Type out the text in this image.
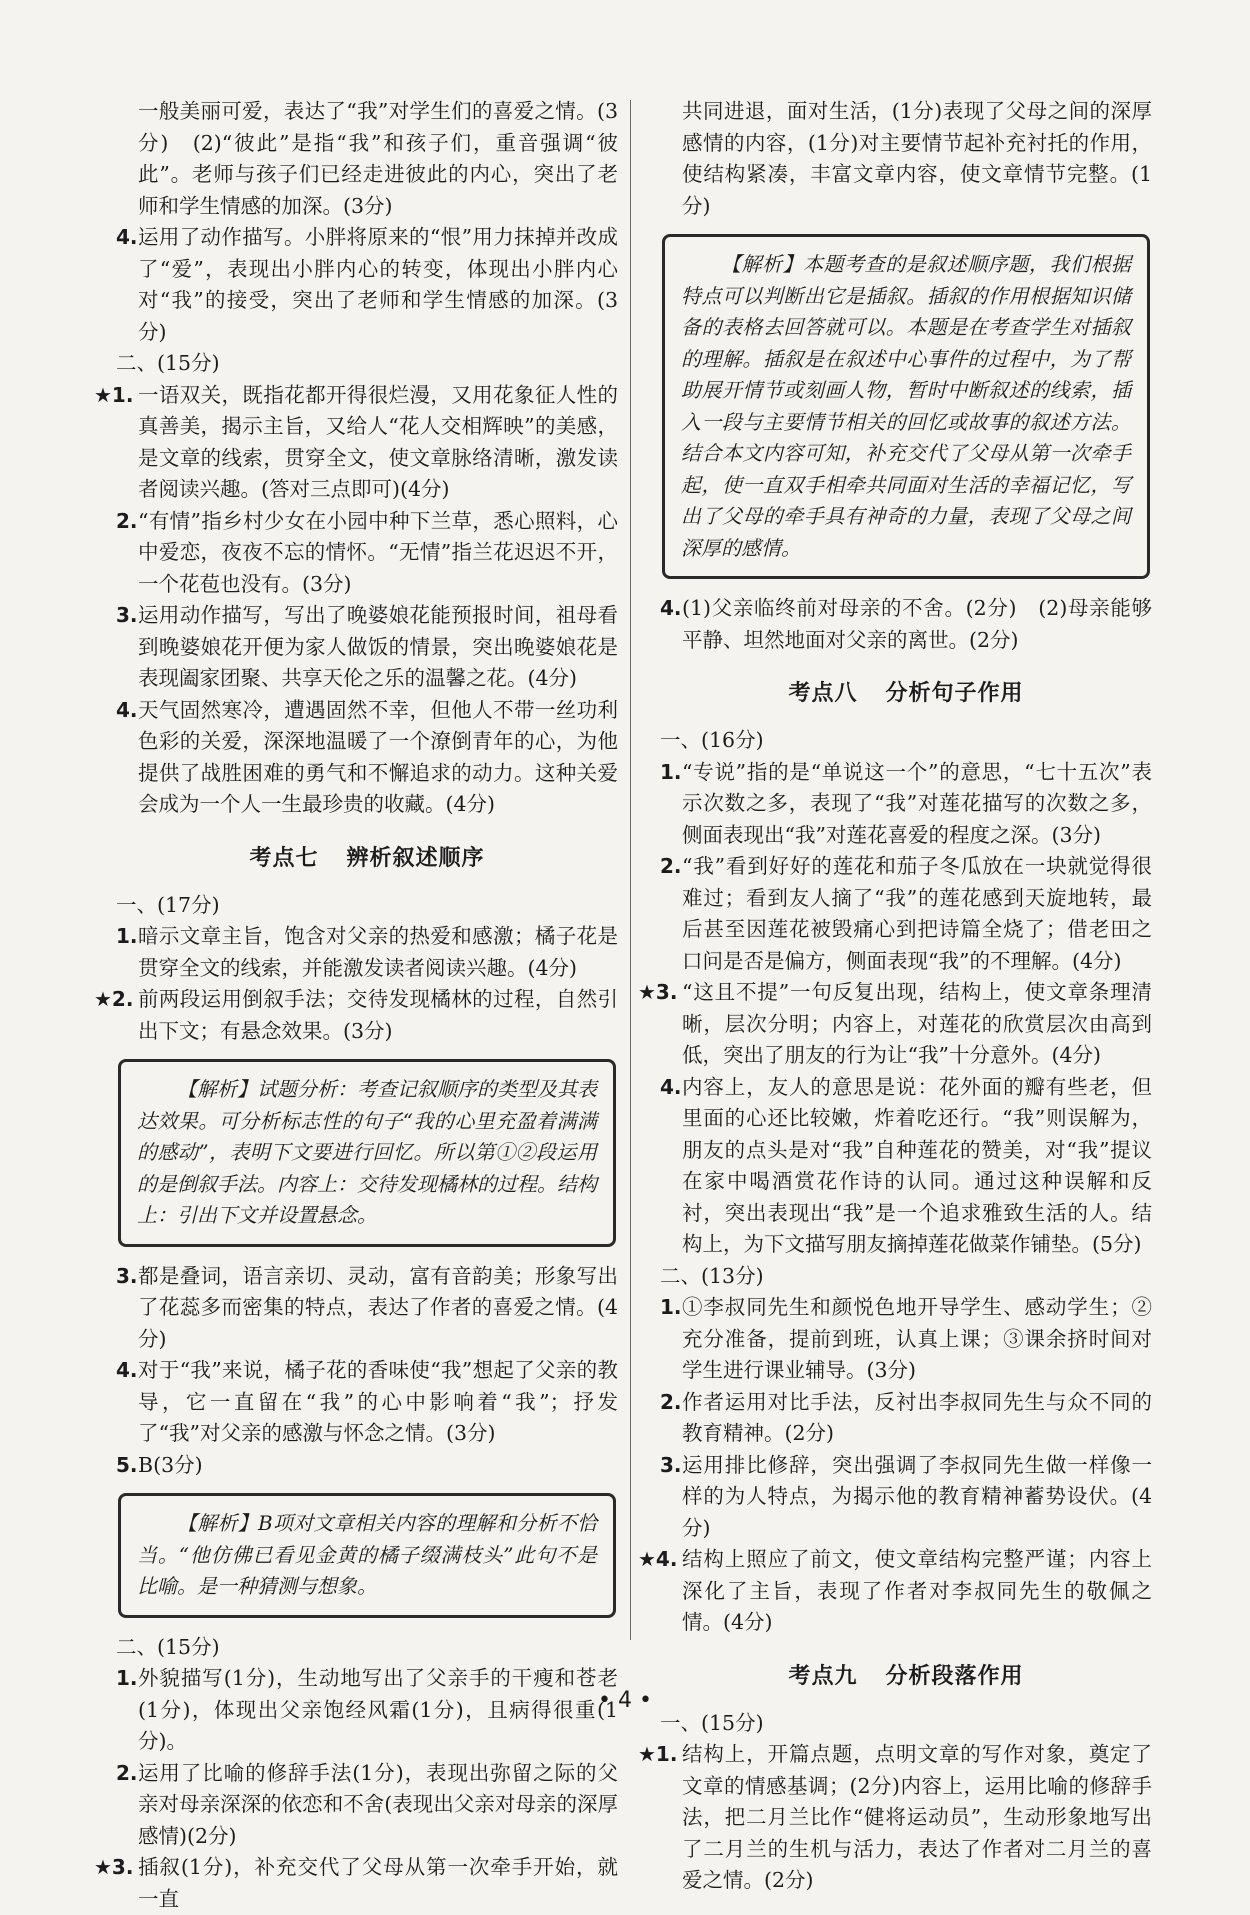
一般美丽可爱，表达了“我”对学生们的喜爱之情。(3分)　(2)“彼此”是指“我”和孩子们，重音强调“彼此”。老师与孩子们已经走进彼此的内心，突出了老师和学生情感的加深。(3分)

4. 运用了动作描写。小胖将原来的“恨”用力抹掉并改成了“爱”，表现出小胖内心的转变，体现出小胖内心对“我”的接受，突出了老师和学生情感的加深。(3分)

二、(15分)

★1. 一语双关，既指花都开得很烂漫，又用花象征人性的真善美，揭示主旨，又给人“花人交相辉映”的美感，是文章的线索，贯穿全文，使文章脉络清晰，激发读者阅读兴趣。(答对三点即可)(4分)

2. “有情”指乡村少女在小园中种下兰草，悉心照料，心中爱恋，夜夜不忘的情怀。“无情”指兰花迟迟不开，一个花苞也没有。(3分)

3. 运用动作描写，写出了晚婆娘花能预报时间，祖母看到晚婆娘花开便为家人做饭的情景，突出晚婆娘花是表现阖家团聚、共享天伦之乐的温馨之花。(4分)

4. 天气固然寒冷，遭遇固然不幸，但他人不带一丝功利色彩的关爱，深深地温暖了一个潦倒青年的心，为他提供了战胜困难的勇气和不懈追求的动力。这种关爱会成为一个人一生最珍贵的收藏。(4分)

考点七 辨析叙述顺序

一、(17分)

1. 暗示文章主旨，饱含对父亲的热爱和感激；橘子花是贯穿全文的线索，并能激发读者阅读兴趣。(4分)

★2. 前两段运用倒叙手法；交待发现橘林的过程，自然引出下文；有悬念效果。(3分)

【解析】试题分析：考查记叙顺序的类型及其表达效果。可分析标志性的句子“我的心里充盈着满满的感动”，表明下文要进行回忆。所以第①②段运用的是倒叙手法。内容上：交待发现橘林的过程。结构上：引出下文并设置悬念。

3. 都是叠词，语言亲切、灵动，富有音韵美；形象写出了花蕊多而密集的特点，表达了作者的喜爱之情。(4分)

4. 对于“我”来说，橘子花的香味使“我”想起了父亲的教导，它一直留在“我”的心中影响着“我”；抒发了“我”对父亲的感激与怀念之情。(3分)

5. B(3分)

【解析】B项对文章相关内容的理解和分析不恰当。“他仿佛已看见金黄的橘子缀满枝头”此句不是比喻。是一种猜测与想象。

二、(15分)

1. 外貌描写(1分)，生动地写出了父亲手的干瘦和苍老(1分)，体现出父亲饱经风霜(1分)，且病得很重(1分)。

2. 运用了比喻的修辞手法(1分)，表现出弥留之际的父亲对母亲深深的依恋和不舍(表现出父亲对母亲的深厚感情)(2分)

★3. 插叙(1分)，补充交代了父母从第一次牵手开始，就一直

共同进退，面对生活，(1分)表现了父母之间的深厚感情的内容，(1分)对主要情节起补充衬托的作用，使结构紧凑，丰富文章内容，使文章情节完整。(1分)

【解析】本题考查的是叙述顺序题，我们根据特点可以判断出它是插叙。插叙的作用根据知识储备的表格去回答就可以。本题是在考查学生对插叙的理解。插叙是在叙述中心事件的过程中，为了帮助展开情节或刻画人物，暂时中断叙述的线索，插入一段与主要情节相关的回忆或故事的叙述方法。结合本文内容可知，补充交代了父母从第一次牵手起，使一直双手相牵共同面对生活的幸福记忆，写出了父母的牵手具有神奇的力量，表现了父母之间深厚的感情。

4. (1)父亲临终前对母亲的不舍。(2分)　(2)母亲能够平静、坦然地面对父亲的离世。(2分)

考点八 分析句子作用

一、(16分)

1. “专说”指的是“单说这一个”的意思，“七十五次”表示次数之多，表现了“我”对莲花描写的次数之多，侧面表现出“我”对莲花喜爱的程度之深。(3分)

2. “我”看到好好的莲花和茄子冬瓜放在一块就觉得很难过；看到友人摘了“我”的莲花感到天旋地转，最后甚至因莲花被毁痛心到把诗篇全烧了；借老田之口问是否是偏方，侧面表现“我”的不理解。(4分)

★3. “这且不提”一句反复出现，结构上，使文章条理清晰，层次分明；内容上，对莲花的欣赏层次由高到低，突出了朋友的行为让“我”十分意外。(4分)

4. 内容上，友人的意思是说：花外面的瓣有些老，但里面的心还比较嫩，炸着吃还行。“我”则误解为，朋友的点头是对“我”自种莲花的赞美，对“我”提议在家中喝酒赏花作诗的认同。通过这种误解和反衬，突出表现出“我”是一个追求雅致生活的人。结构上，为下文描写朋友摘掉莲花做菜作铺垫。(5分)

二、(13分)

1. ①李叔同先生和颜悦色地开导学生、感动学生；②充分准备，提前到班，认真上课；③课余挤时间对学生进行课业辅导。(3分)

2. 作者运用对比手法，反衬出李叔同先生与众不同的教育精神。(2分)

3. 运用排比修辞，突出强调了李叔同先生做一样像一样的为人特点，为揭示他的教育精神蓄势设伏。(4分)

★4. 结构上照应了前文，使文章结构完整严谨；内容上深化了主旨，表现了作者对李叔同先生的敬佩之情。(4分)

考点九 分析段落作用

一、(15分)

★1. 结构上，开篇点题，点明文章的写作对象，奠定了文章的情感基调；(2分)内容上，运用比喻的修辞手法，把二月兰比作“健将运动员”，生动形象地写出了二月兰的生机与活力，表达了作者对二月兰的喜爱之情。(2分)

• 4 •
